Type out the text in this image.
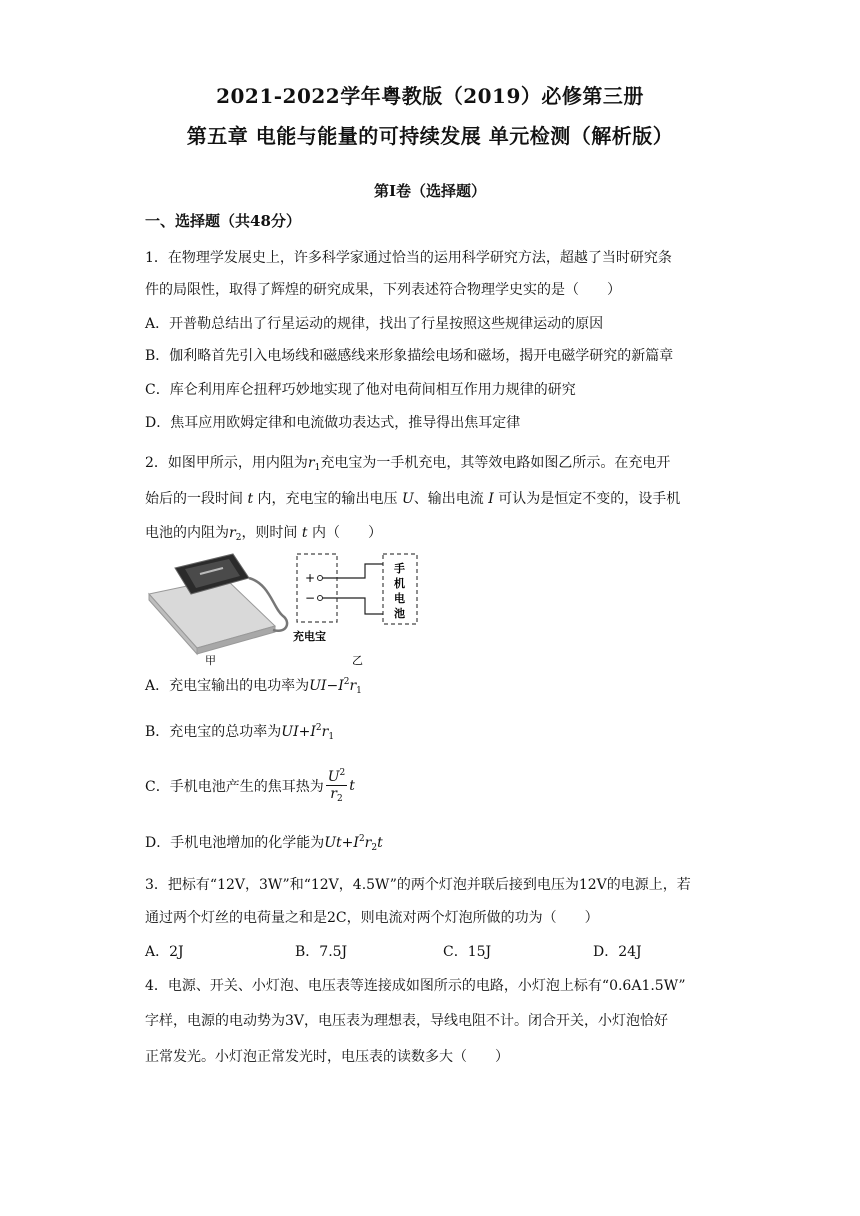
2021-2022学年粤教版（2019）必修第三册
第五章 电能与能量的可持续发展 单元检测（解析版）
第Ⅰ卷（选择题）
一、选择题（共48分）
1．在物理学发展史上，许多科学家通过恰当的运用科学研究方法，超越了当时研究条
件的局限性，取得了辉煌的研究成果，下列表述符合物理学史实的是（　　）
A．开普勒总结出了行星运动的规律，找出了行星按照这些规律运动的原因
B．伽利略首先引入电场线和磁感线来形象描绘电场和磁场，揭开电磁学研究的新篇章
C．库仑利用库仑扭秤巧妙地实现了他对电荷间相互作用力规律的研究
D．焦耳应用欧姆定律和电流做功表达式，推导得出焦耳定律
2．如图甲所示，用内阻为$r_1$充电宝为一手机充电，其等效电路如图乙所示。在充电开
始后的一段时间 t 内，充电宝的输出电压 U、输出电流 I 可认为是恒定不变的，设手机
电池的内阻为$r_2$，则时间 t 内（　　）
+
−
充电宝
手
机
电
池
甲	乙
A．充电宝输出的电功率为$UI-I^2r_1$
B．充电宝的总功率为$UI+I^2r_1$
C．手机电池产生的焦耳热为 $\frac{U^2}{r_2}$ t
D．手机电池增加的化学能为$Ut+I^2r_2t$
3．把标有“12V，3W”和“12V，4.5W”的两个灯泡并联后接到电压为12V的电源上，若
通过两个灯丝的电荷量之和是2C，则电流对两个灯泡所做的功为（　　）
A．2J	B．7.5J	C．15J	D．24J
4．电源、开关、小灯泡、电压表等连接成如图所示的电路，小灯泡上标有“0.6A1.5W”
字样，电源的电动势为3V，电压表为理想表，导线电阻不计。闭合开关，小灯泡恰好
正常发光。小灯泡正常发光时，电压表的读数多大（　　）
